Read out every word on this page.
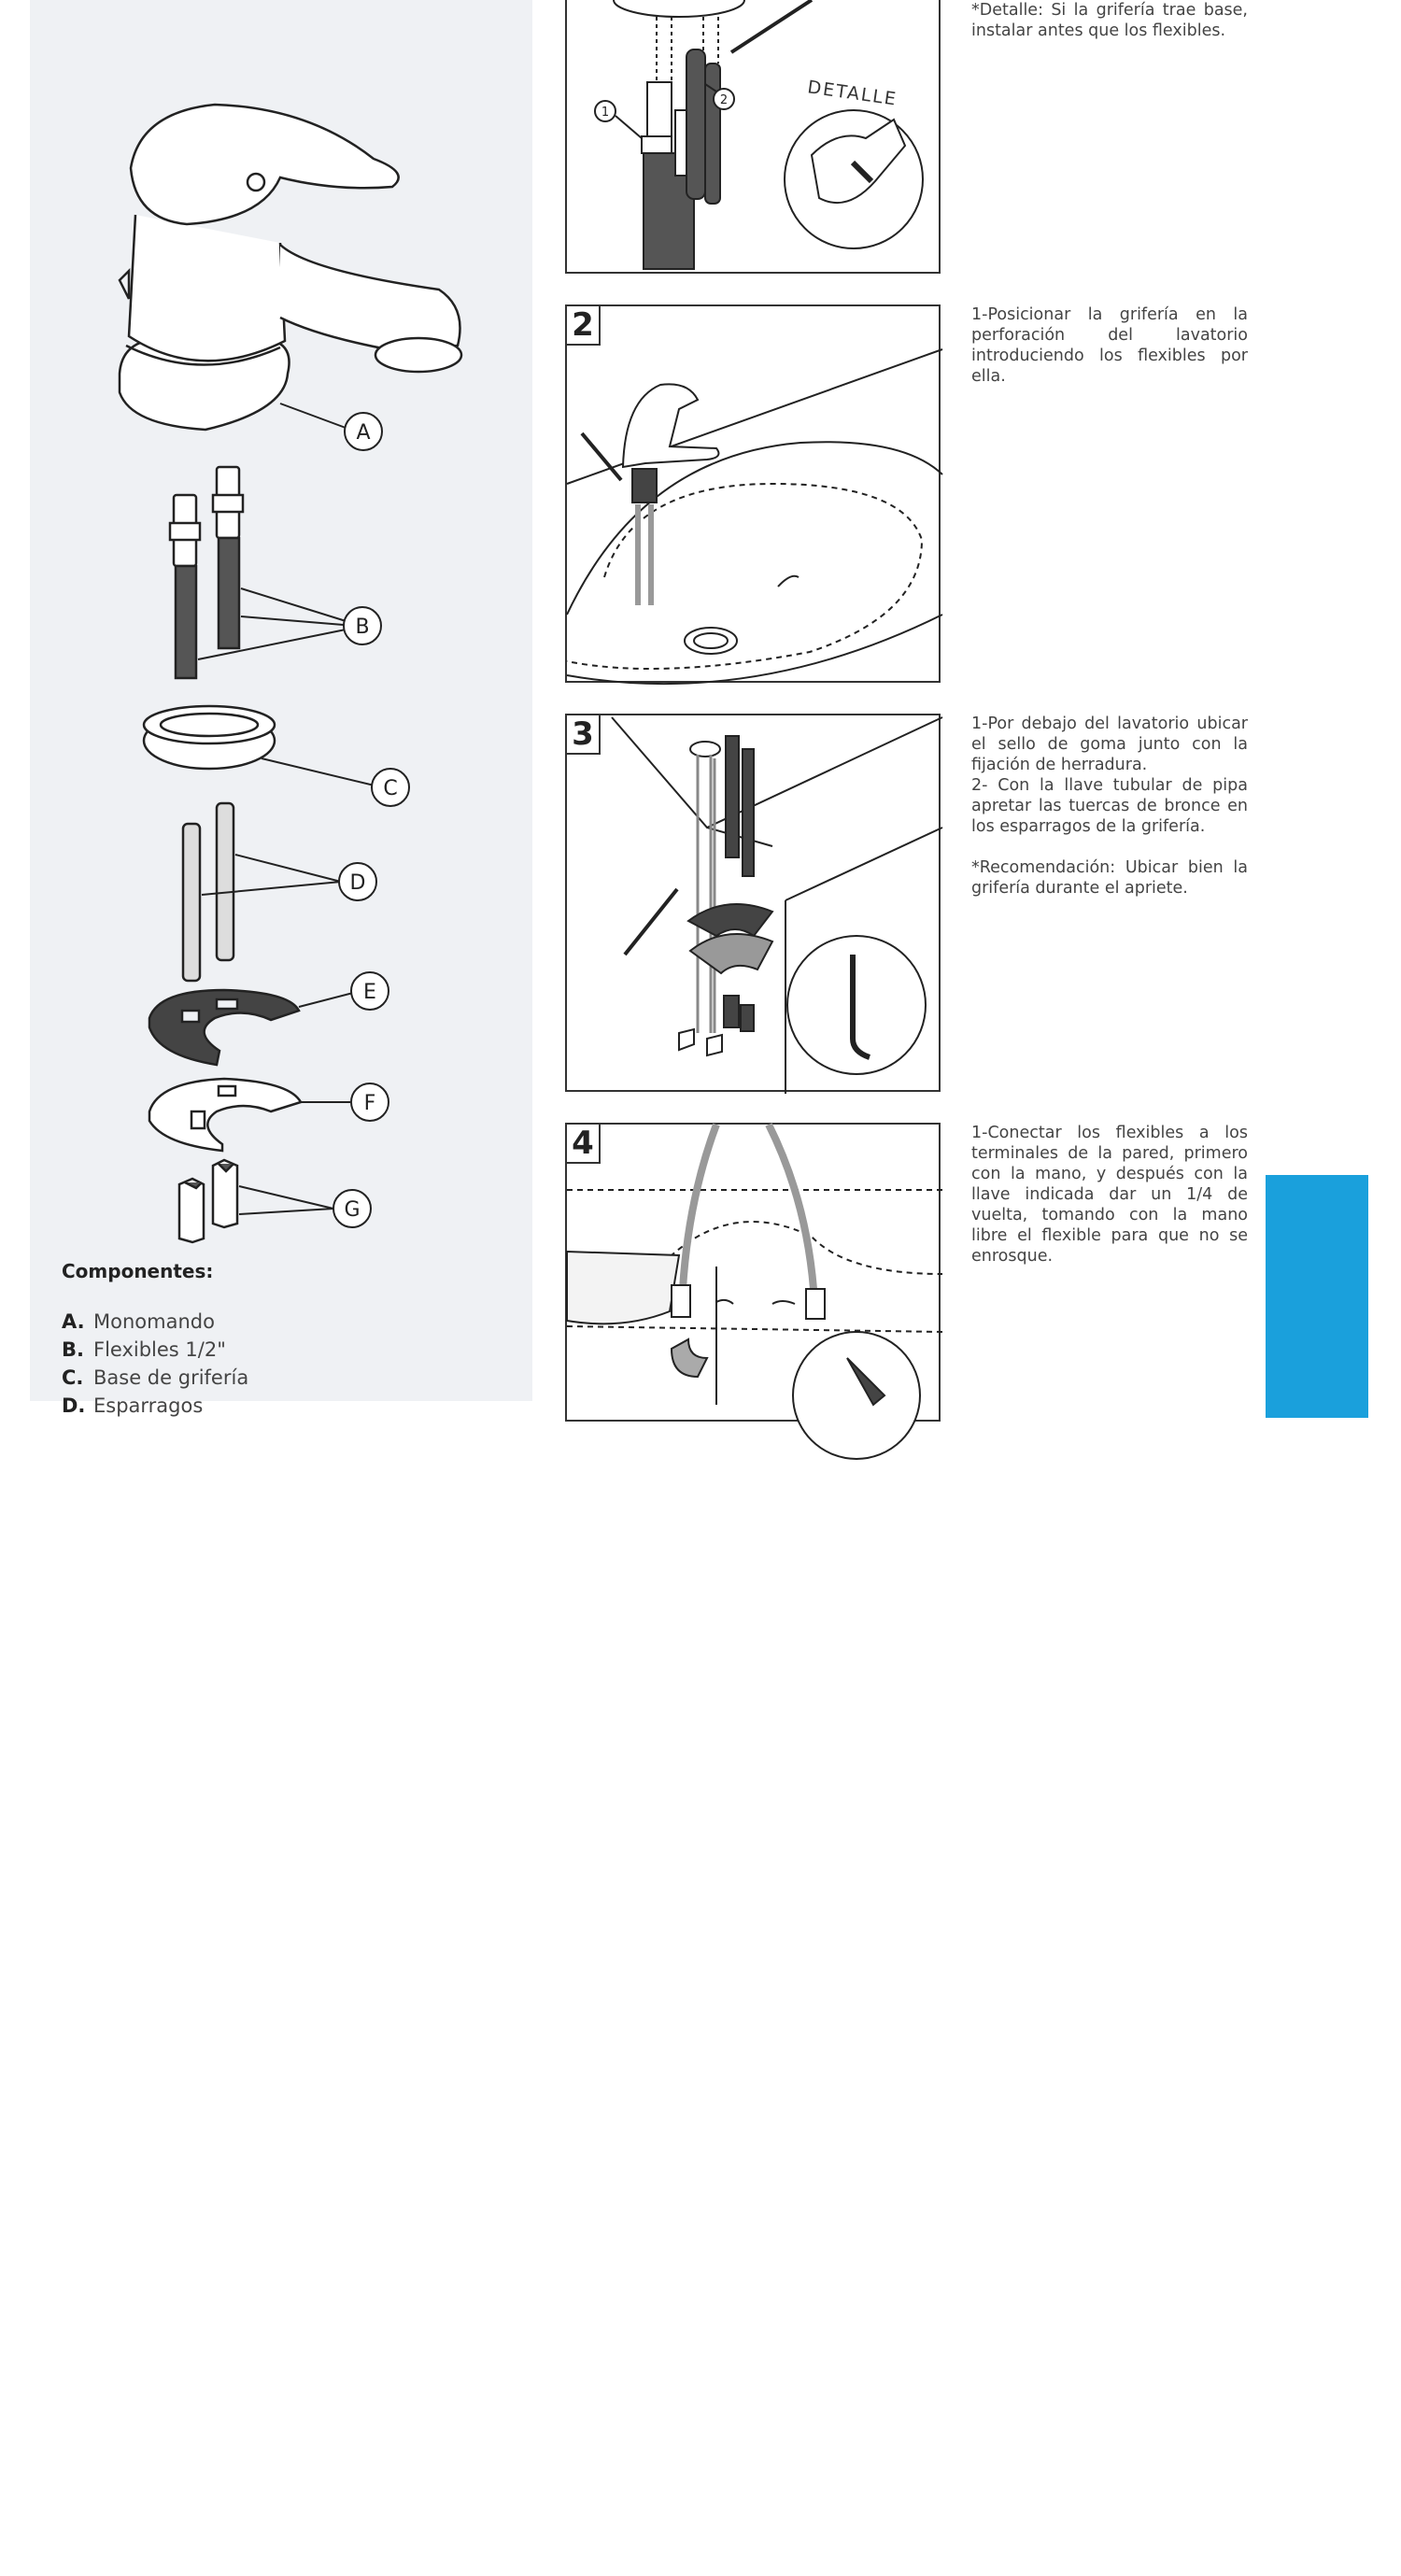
A
B
C
D
E
F
G
Componentes:
A. Monomando
B. Flexibles 1/2"
C. Base de grifería
D. Esparragos
1
2	DETALLE

*Detalle: Si la grifería trae base, instalar antes que los flexibles.

2	1-Posicionar la grifería en la perforación del lavatorio introduciendo los flexibles por ella.

3	1-Por debajo del lavatorio ubicar el sello de goma junto con la fijación de herradura.

2- Con la llave tubular de pipa apretar las tuercas de bronce en los esparragos de la grifería.

*Recomendación: Ubicar bien la grifería durante el apriete.

4	1-Conectar los flexibles a los terminales de la pared, primero con la mano, y después con la llave indicada dar un 1/4 de vuelta, tomando con la mano libre el flexible para que no se enrosque.

retto
